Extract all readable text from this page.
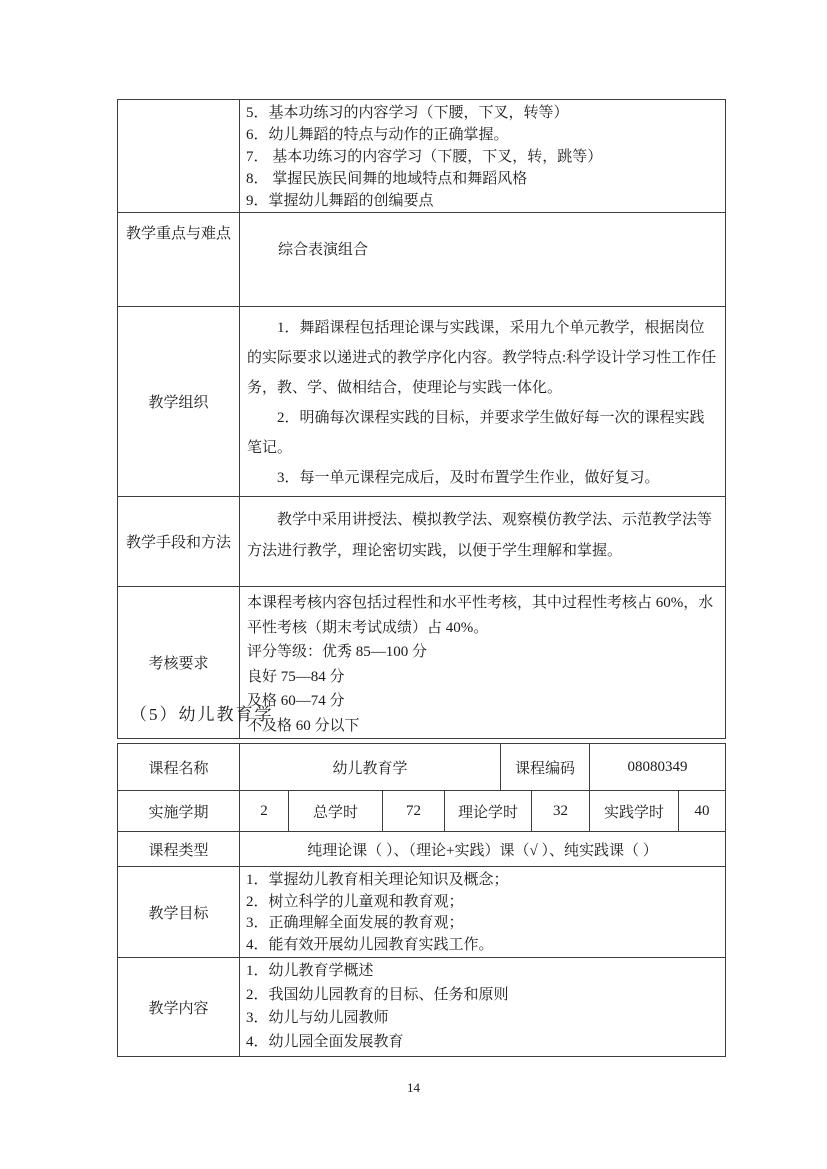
	5．基本功练习的内容学习（下腰，下叉，转等）
6．幼儿舞蹈的特点与动作的正确掌握。
7． 基本功练习的内容学习（下腰，下叉，转，跳等）
8． 掌握民族民间舞的地域特点和舞蹈风格
9．掌握幼儿舞蹈的创编要点

教学重点与难点	综合表演组合

教学组织	1．舞蹈课程包括理论课与实践课，采用九个单元教学，根据岗位的实际要求以递进式的教学序化内容。教学特点:科学设计学习性工作任务，教、学、做相结合，使理论与实践一体化。

2．明确每次课程实践的目标，并要求学生做好每一次的课程实践笔记。

3．每一单元课程完成后，及时布置学生作业，做好复习。

教学手段和方法	教学中采用讲授法、模拟教学法、观察模仿教学法、示范教学法等方法进行教学，理论密切实践，以便于学生理解和掌握。

考核要求	本课程考核内容包括过程性和水平性考核，其中过程性考核占 60%，水平性考核（期末考试成绩）占 40%。
评分等级：优秀 85—100 分
良好 75—84 分
及格 60—74 分
不及格 60 分以下
（5）幼儿教育学
课程名称	幼儿教育学				课程编码		08080349	
实施学期	2	总学时	72	理论学时		32	实践学时	40
课程类型	纯理论课（ ）、（理论+实践）课（√ ）、纯实践课（ ）							
教学目标	1．掌握幼儿教育相关理论知识及概念；
2．树立科学的儿童观和教育观；
3．正确理解全面发展的教育观；
4．能有效开展幼儿园教育实践工作。							

教学内容	1．幼儿教育学概述
2．我国幼儿园教育的目标、任务和原则
3．幼儿与幼儿园教师
4．幼儿园全面发展教育							
14
